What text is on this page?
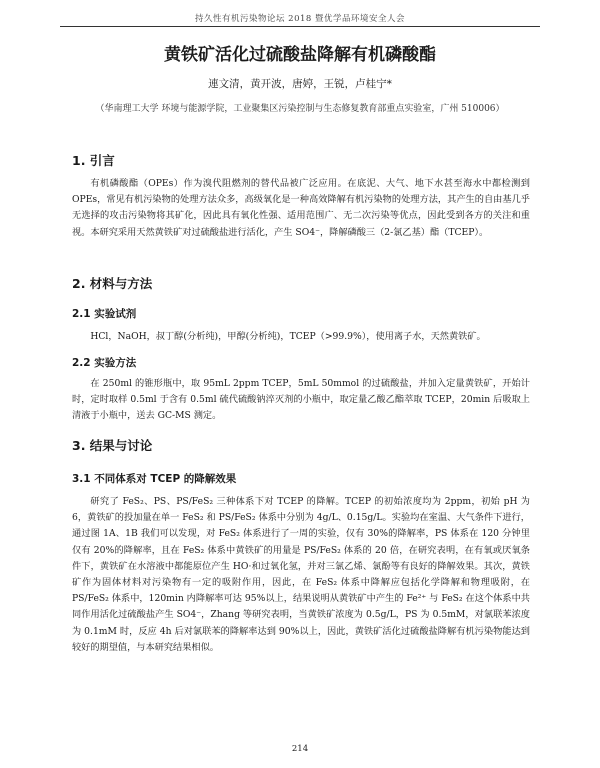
持久性有机污染物论坛 2018 暨优学品环境安全人会
黄铁矿活化过硫酸盐降解有机磷酸酯
連文清，黄开波，唐婷，王锐，卢桂宁*
（华南理工大学 环境与能源学院，工业聚集区污染控制与生态修复教育部重点实验室，广州 510006）
1. 引言
有机磷酸酯（OPEs）作为溴代阻燃剂的替代品被广泛应用。在底泥、大气、地下水甚至海水中都检测到 OPEs，常见有机污染物的处理方法众多，高级氧化是一种高效降解有机污染物的处理方法，其产生的自由基几乎无选择的攻击污染物将其矿化，因此具有氧化性强、适用范围广、无二次污染等优点，因此受到各方的关注和重视。本研究采用天然黄铁矿对过硫酸盐进行活化，产生 SO4⁻，降解磷酸三（2-氯乙基）酯（TCEP）。
2. 材料与方法
2.1 实验试剂
HCl，NaOH，叔丁醇(分析纯)，甲醇(分析纯)，TCEP（>99.9%），使用离子水，天然黄铁矿。
2.2 实验方法
在 250ml 的锥形瓶中，取 95mL 2ppm TCEP，5mL 50mmol 的过硫酸盐，并加入定量黄铁矿，开始计时，定时取样 0.5ml 于含有 0.5ml 硫代硫酸钠淬灭剂的小瓶中，取定量乙酸乙酯萃取 TCEP，20min 后吸取上清液于小瓶中，送去 GC-MS 测定。
3. 结果与讨论
3.1 不同体系对 TCEP 的降解效果
研究了 FeS₂、PS、PS/FeS₂ 三种体系下对 TCEP 的降解。TCEP 的初始浓度均为 2ppm，初始 pH 为 6，黄铁矿的投加量在单一 FeS₂ 和 PS/FeS₂ 体系中分别为 4g/L、0.15g/L。实验均在室温、大气条件下进行，通过图 1A、1B 我们可以发现，对 FeS₂ 体系进行了一周的实验，仅有 30%的降解率，PS 体系在 120 分钟里仅有 20%的降解率，且在 FeS₂ 体系中黄铁矿的用量是 PS/FeS₂ 体系的 20 倍，在研究表明，在有氧或厌氧条件下，黄铁矿在水溶液中都能原位产生 HO·和过氧化氢，并对三氯乙烯、氯酚等有良好的降解效果。其次，黄铁矿作为固体材料对污染物有一定的吸附作用，因此，在 FeS₂ 体系中降解应包括化学降解和物理吸附，在 PS/FeS₂ 体系中，120min 内降解率可达 95%以上，结果说明从黄铁矿中产生的 Fe²⁺ 与 FeS₂ 在这个体系中共同作用活化过硫酸盐产生 SO4⁻，Zhang 等研究表明，当黄铁矿浓度为 0.5g/L，PS 为 0.5mM，对氯联苯浓度为 0.1mM 时，反应 4h 后对氯联苯的降解率达到 90%以上，因此，黄铁矿活化过硫酸盐降解有机污染物能达到较好的期望值，与本研究结果相似。
214
